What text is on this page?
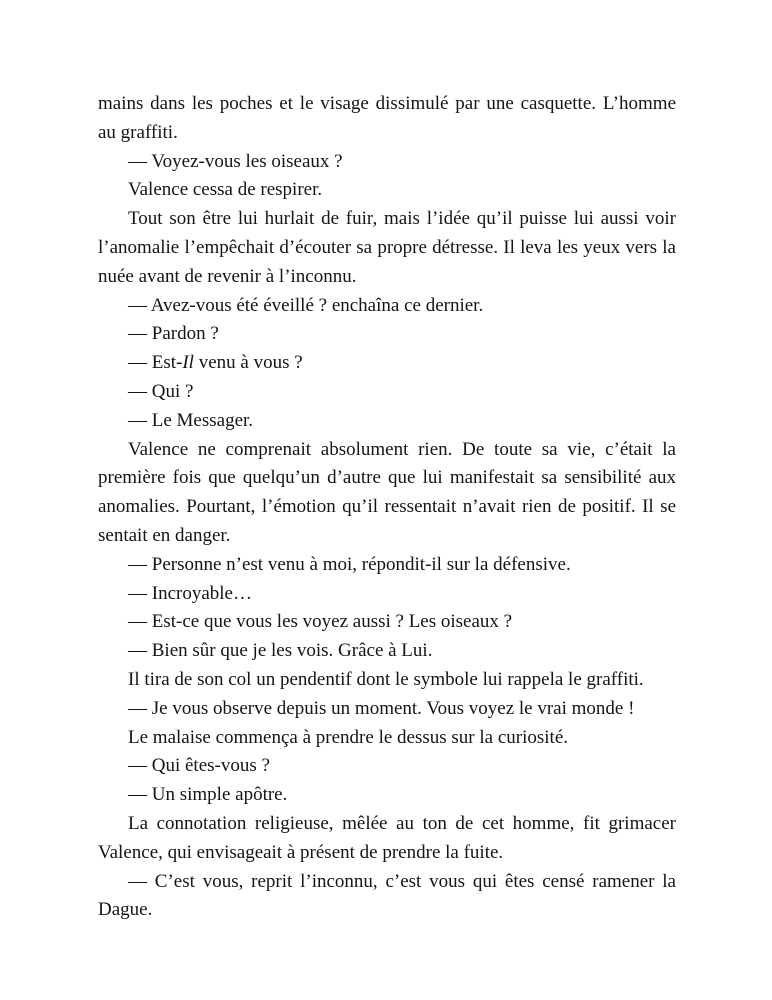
mains dans les poches et le visage dissimulé par une casquette. L’homme au graffiti.

— Voyez-vous les oiseaux ?

Valence cessa de respirer.

Tout son être lui hurlait de fuir, mais l’idée qu’il puisse lui aussi voir l’anomalie l’empêchait d’écouter sa propre détresse. Il leva les yeux vers la nuée avant de revenir à l’inconnu.

— Avez-vous été éveillé ? enchaîna ce dernier.

— Pardon ?

— Est-Il venu à vous ?

— Qui ?

— Le Messager.

Valence ne comprenait absolument rien. De toute sa vie, c’était la première fois que quelqu’un d’autre que lui manifestait sa sensibilité aux anomalies. Pourtant, l’émotion qu’il ressentait n’avait rien de positif. Il se sentait en danger.

— Personne n’est venu à moi, répondit-il sur la défensive.

— Incroyable…

— Est-ce que vous les voyez aussi ? Les oiseaux ?

— Bien sûr que je les vois. Grâce à Lui.

Il tira de son col un pendentif dont le symbole lui rappela le graffiti.

— Je vous observe depuis un moment. Vous voyez le vrai monde !

Le malaise commença à prendre le dessus sur la curiosité.

— Qui êtes-vous ?

— Un simple apôtre.

La connotation religieuse, mêlée au ton de cet homme, fit grimacer Valence, qui envisageait à présent de prendre la fuite.

— C’est vous, reprit l’inconnu, c’est vous qui êtes censé ramener la Dague.
